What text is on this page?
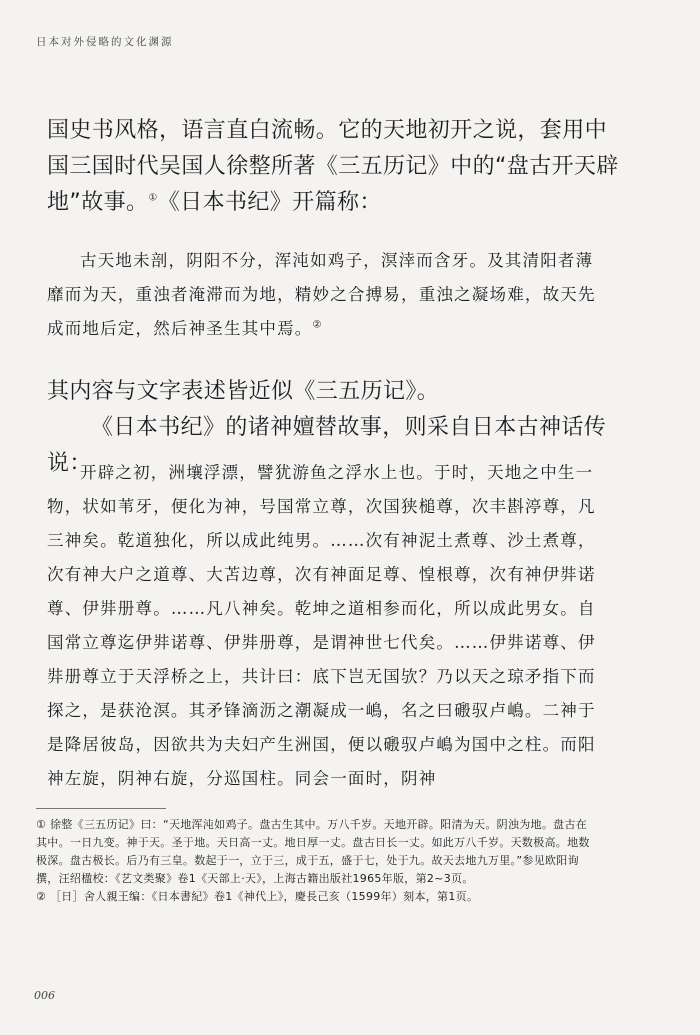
日本对外侵略的文化渊源

国史书风格，语言直白流畅。它的天地初开之说，套用中国三国时代吴国人徐整所著《三五历记》中的“盘古开天辟地”故事。①《日本书纪》开篇称：

古天地未剖，阴阳不分，浑沌如鸡子，溟涬而含牙。及其清阳者薄靡而为天，重浊者淹滞而为地，精妙之合搏易，重浊之凝场难，故天先成而地后定，然后神圣生其中焉。②

其内容与文字表述皆近似《三五历记》。

《日本书纪》的诸神嬗替故事，则采自日本古神话传说：

开辟之初，洲壤浮漂，譬犹游鱼之浮水上也。于时，天地之中生一物，状如苇牙，便化为神，号国常立尊，次国狭槌尊，次丰斟渟尊，凡三神矣。乾道独化，所以成此纯男。……次有神泥土煮尊、沙土煮尊，次有神大户之道尊、大苫边尊，次有神面足尊、惶根尊，次有神伊弉诺尊、伊弉册尊。……凡八神矣。乾坤之道相参而化，所以成此男女。自国常立尊迄伊弉诺尊、伊弉册尊，是谓神世七代矣。……伊弉诺尊、伊弉册尊立于天浮桥之上，共计曰：底下岂无国欤？乃以天之琼矛指下而探之，是获沧溟。其矛锋滴沥之潮凝成一嶋，名之曰磤驭卢嶋。二神于是降居彼岛，因欲共为夫妇产生洲国，便以磤驭卢嶋为国中之柱。而阳神左旋，阴神右旋，分巡国柱。同会一面时，阴神

① 徐整《三五历记》曰：“天地浑沌如鸡子。盘古生其中。万八千岁。天地开辟。阳清为天。阴浊为地。盘古在其中。一日九变。神于天。圣于地。天日高一丈。地日厚一丈。盘古日长一丈。如此万八千岁。天数极高。地数极深。盘古极长。后乃有三皇。数起于一，立于三，成于五，盛于七，处于九。故天去地九万里。”参见欧阳询撰，汪绍楹校：《艺文类聚》卷1《天部上·天》，上海古籍出版社1965年版，第2~3页。

② ［日］舍人親王编：《日本書紀》卷1《神代上》，慶長己亥（1599年）刻本，第1页。

006
